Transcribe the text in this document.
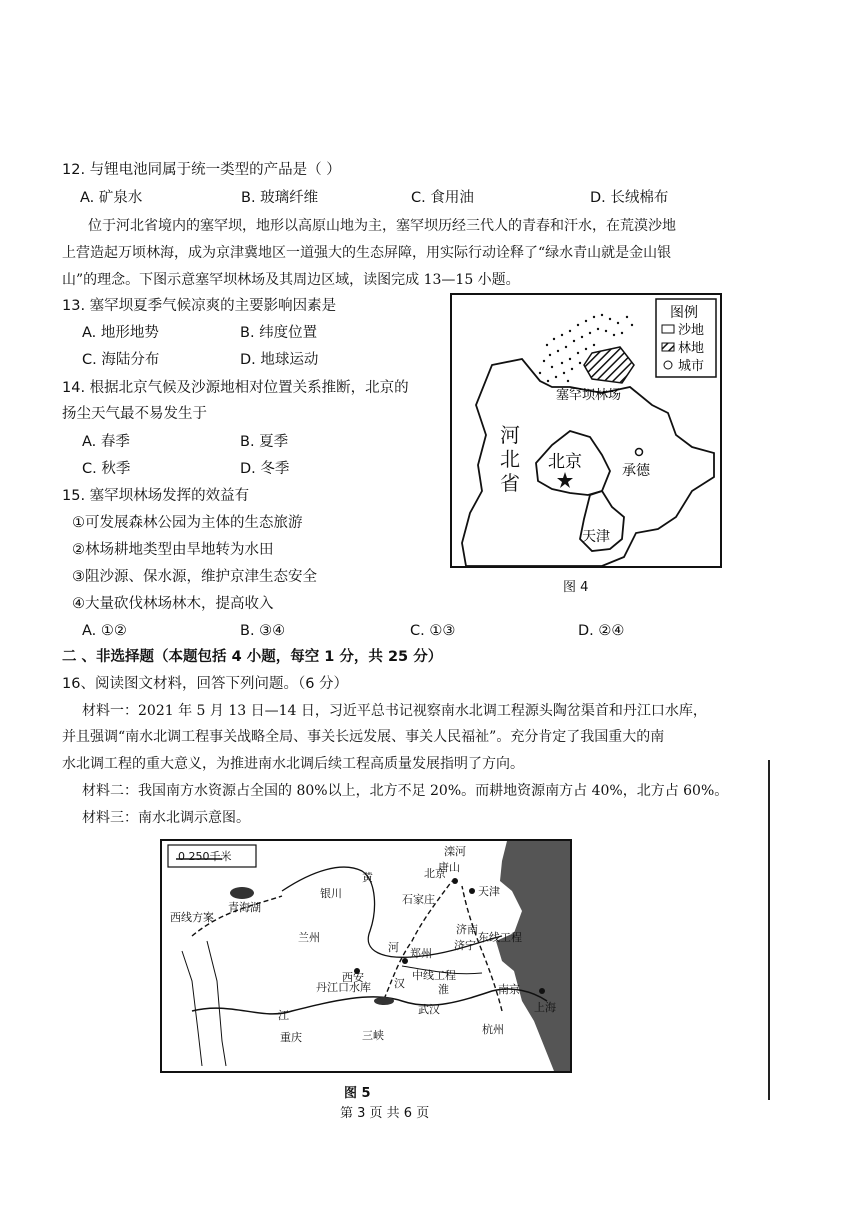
12. 与锂电池同属于统一类型的产品是（ ）
A. 矿泉水	B. 玻璃纤维	C. 食用油	D. 长绒棉布
位于河北省境内的塞罕坝，地形以高原山地为主，塞罕坝历经三代人的青春和汗水，在荒漠沙地
上营造起万顷林海，成为京津冀地区一道强大的生态屏障，用实际行动诠释了“绿水青山就是金山银
山”的理念。下图示意塞罕坝林场及其周边区域，读图完成 13—15 小题。
13. 塞罕坝夏季气候凉爽的主要影响因素是
A. 地形地势	B. 纬度位置
C. 海陆分布	D. 地球运动
14. 根据北京气候及沙源地相对位置关系推断，北京的
扬尘天气最不易发生于
A. 春季	B. 夏季
C. 秋季	D. 冬季
15. 塞罕坝林场发挥的效益有
①可发展森林公园为主体的生态旅游
②林场耕地类型由旱地转为水田
③阻沙源、保水源，维护京津生态安全
④大量砍伐林场林木，提高收入
A. ①②	B. ③④	C. ①③	D. ②④
图例
沙地
林地
城市
塞罕坝林场
北京	承德
天津
河北省
图 4
二 、非选择题（本题包括 4 小题，每空 1 分，共 25 分）
16、阅读图文材料，回答下列问题。（6 分）
材料一：2021 年 5 月 13 日—14 日，习近平总书记视察南水北调工程源头陶岔渠首和丹江口水库，
并且强调“南水北调工程事关战略全局、事关长远发展、事关人民福祉”。充分肯定了我国重大的南
水北调工程的重大意义，为推进南水北调后续工程高质量发展指明了方向。
材料二：我国南方水资源占全国的 80%以上，北方不足 20%。而耕地资源南方占 40%，北方占 60%。
材料三：南水北调示意图。
0 250千米
西线方案
青海湖
银川
兰州
西安
郑州
北京
天津
石家庄
济南
济宁
丹江口水库
中线工程
东线工程
武汉
重庆	三峡
南京
上海
杭州
黄
河
淮
汉
江
唐山
滦河
图 5
第 3 页 共 6 页
